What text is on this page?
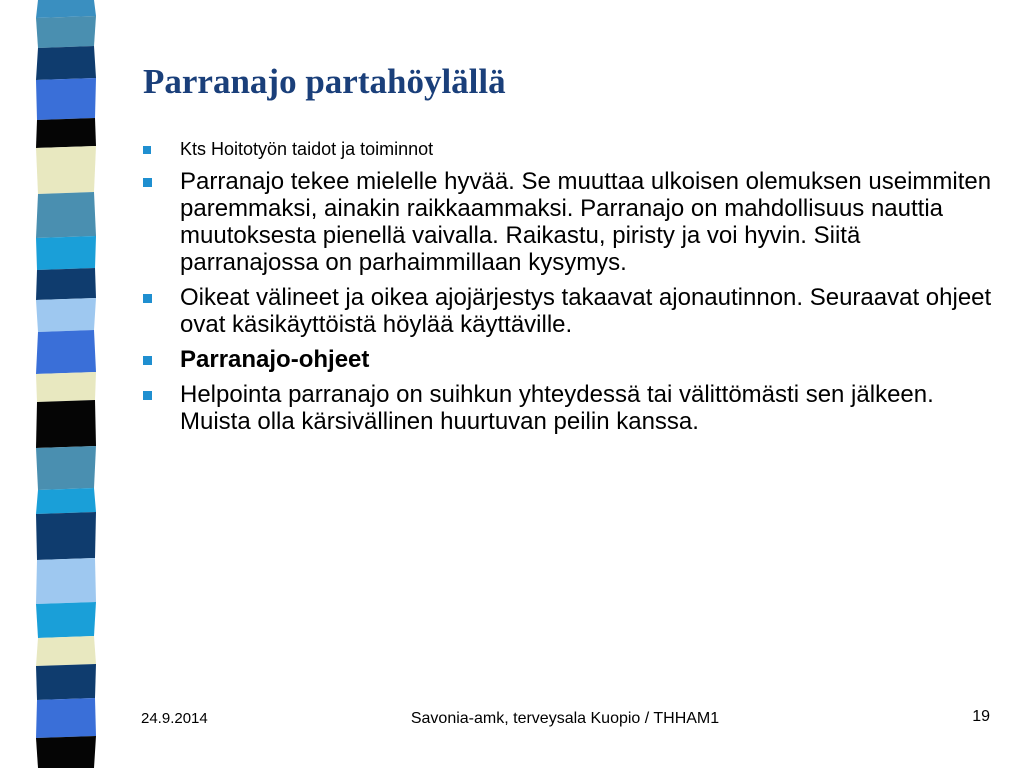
Parranajo partahöylällä
Kts Hoitotyön taidot ja toiminnot
Parranajo tekee mielelle hyvää. Se muuttaa ulkoisen olemuksen useimmiten paremmaksi, ainakin raikkaammaksi. Parranajo on mahdollisuus nauttia muutoksesta pienellä vaivalla. Raikastu, piristy ja voi hyvin. Siitä parranajossa on parhaimmillaan kysymys.
Oikeat välineet ja oikea ajojärjestys takaavat ajonautinnon. Seuraavat ohjeet ovat käsikäyttöistä höylää käyttäville.
Parranajo-ohjeet
Helpointa parranajo on suihkun yhteydessä tai välittömästi sen jälkeen. Muista olla kärsivällinen huurtuvan peilin kanssa.
24.9.2014	Savonia-amk, terveysala Kuopio / THHAM1	19
